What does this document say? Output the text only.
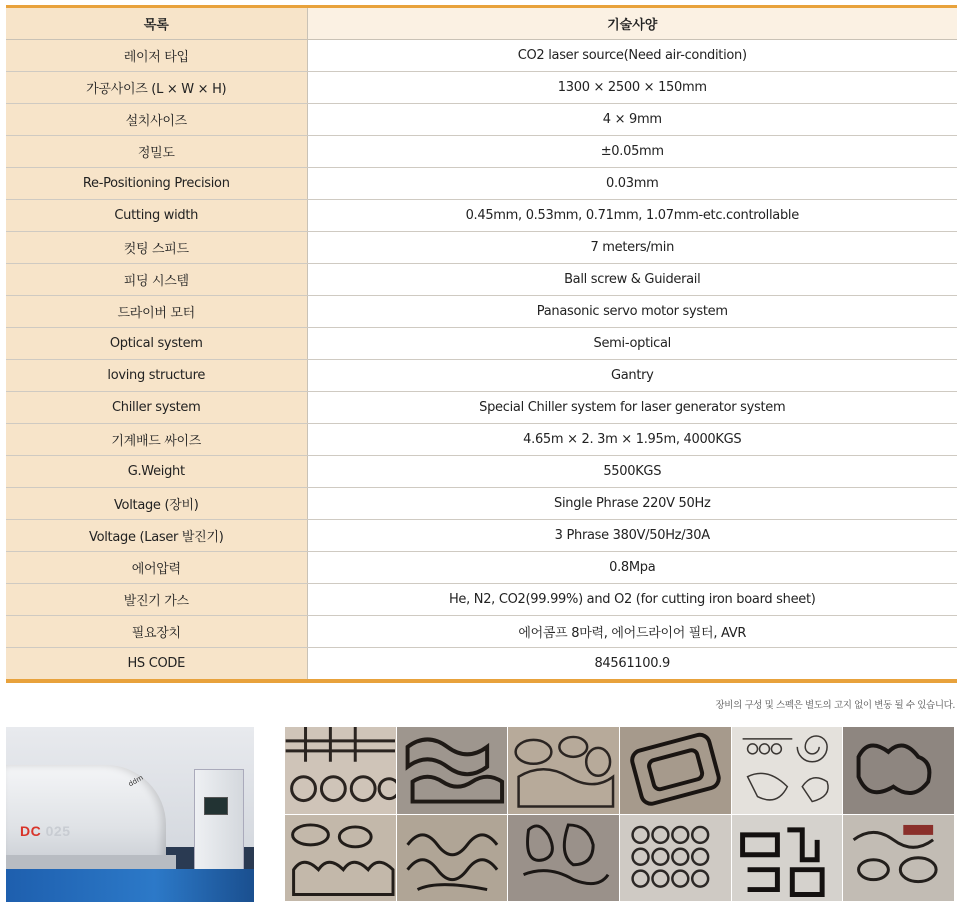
목록	기술사양
레이저 타입	CO2 laser source(Need air-condition)
가공사이즈 (L × W × H)	1300 × 2500 × 150mm
설치사이즈	4 × 9mm
정밀도	±0.05mm
Re-Positioning Precision	0.03mm
Cutting width	0.45mm, 0.53mm, 0.71mm, 1.07mm-etc.controllable
컷팅 스피드	7 meters/min
피딩 시스템	Ball screw & Guiderail
드라이버 모터	Panasonic servo motor system
Optical system	Semi-optical
loving structure	Gantry
Chiller system	Special Chiller system for laser generator system
기계배드 싸이즈	4.65m × 2. 3m × 1.95m, 4000KGS
G.Weight	5500KGS
Voltage (장비)	Single Phrase 220V 50Hz
Voltage (Laser 발진기)	3 Phrase 380V/50Hz/30A
에어압력	0.8Mpa
발진기 가스	He, N2, CO2(99.99%) and O2 (for cutting iron board sheet)
필요장치	에어콤프 8마력, 에어드라이어 필터, AVR
HS CODE	84561100.9
장비의 구성 및 스펙은 별도의 고지 없이 변동 될 수 있습니다.
DC 025
ddm
